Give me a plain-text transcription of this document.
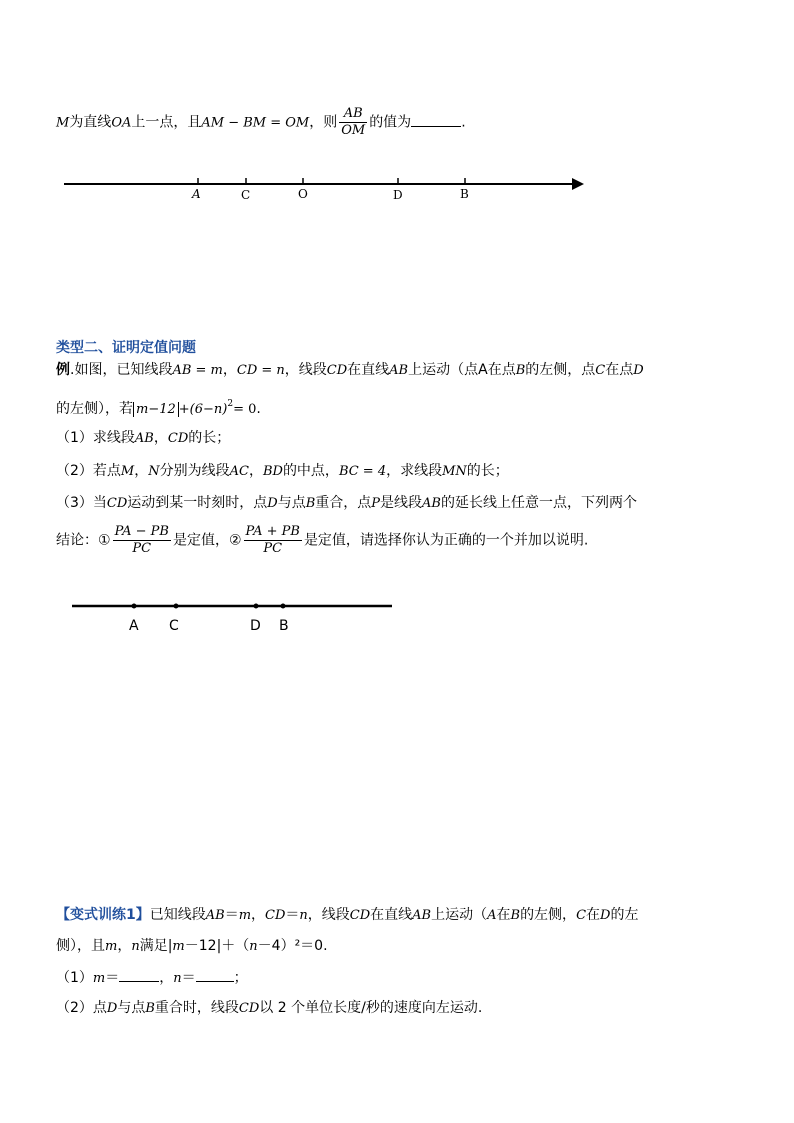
M为直线OA上一点，且AM − BM = OM，则 $\frac{AB}{OM}$ 的值为	.
A	C	O	D	B
类型二、证明定值问题
例.如图，已知线段AB = m，CD = n，线段CD在直线AB上运动（点A在点B的左侧，点C在点D
的左侧），若 $m-12 +(6-n)^2= 0$.
（1）求线段AB，CD的长；
（2）若点M，N分别为线段AC，BD的中点，BC = 4，求线段MN的长；
（3）当CD运动到某一时刻时，点D与点B重合，点P是线段AB的延长线上任意一点，下列两个
结论：① $\frac{PA - PB}{PC}$ 是定值，② $\frac{PA + PB}{PC}$ 是定值，请选择你认为正确的一个并加以说明.
A C	D B
【变式训练1】已知线段AB＝m，CD＝n，线段CD在直线AB上运动（A在B的左侧，C在D的左
侧），且m，n满足|m－12|＋（n－4）²＝0.
（1）m＝	，n＝	；
（2）点D与点B重合时，线段CD以 2 个单位长度/秒的速度向左运动.
